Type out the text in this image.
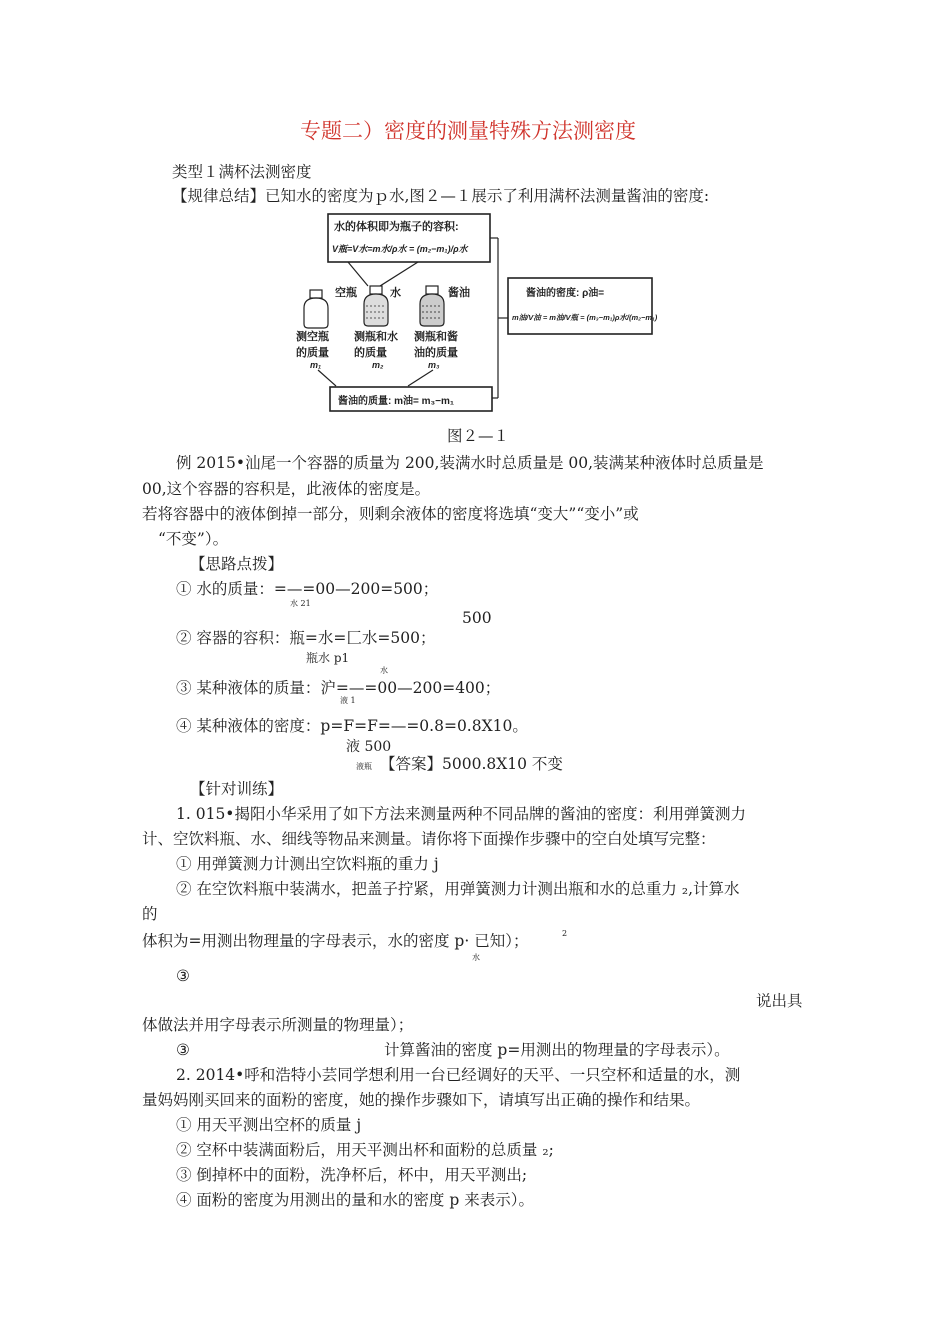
专题二）密度的测量特殊方法测密度
类型１满杯法测密度
【规律总结】已知水的密度为ｐ水,图２—１展示了利用满杯法测量酱油的密度:
水的体积即为瓶子的容积:
V瓶=V水=m水/ρ水 = (m₂−m₁)/ρ水
空瓶	水	酱油
测空瓶
的质量
m₁
测瓶和水
的质量
m₂
测瓶和酱
油的质量
m₃
酱油的质量: m油= m₃−m₁
酱油的密度: ρ油=
m油/V油 = m油/V瓶 = (m₃−m₁)ρ水/(m₂−m₁)
图２—１
例 2015•汕尾一个容器的质量为 200,装满水时总质量是 00,装满某种液体时总质量是
00,这个容器的容积是，此液体的密度是。
若将容器中的液体倒掉一部分，则剩余液体的密度将选填“变大”“变小”或
“不变”）。
【思路点拨】
① 水的质量：=—=00—200=500；
水 21
500
② 容器的容积：瓶=水=匚水=500；
瓶水 p1
水
③ 某种液体的质量：沪=—=00—200=400；
液 1
④ 某种液体的密度：p=F=F=—=0.8=0.8X10。
液 500
液瓶 【答案】5000.8X10 不变
【针对训练】
1. 015•揭阳小华采用了如下方法来测量两种不同品牌的酱油的密度：利用弹簧测力
计、空饮料瓶、水、细线等物品来测量。请你将下面操作步骤中的空白处填写完整：
① 用弹簧测力计测出空饮料瓶的重力 j
② 在空饮料瓶中装满水，把盖子拧紧，用弹簧测力计测出瓶和水的总重力 ₂,计算水
的
体积为=用测出物理量的字母表示，水的密度 p· 已知）；	2
水
③
说出具
体做法并用字母表示所测量的物理量）；
③	计算酱油的密度 p=用测出的物理量的字母表示）。
2. 2014•呼和浩特小芸同学想利用一台已经调好的天平、一只空杯和适量的水，测
量妈妈刚买回来的面粉的密度，她的操作步骤如下，请填写出正确的操作和结果。
① 用天平测出空杯的质量 j
② 空杯中装满面粉后，用天平测出杯和面粉的总质量 ₂;
③ 倒掉杯中的面粉，洗净杯后，杯中，用天平测出;
④ 面粉的密度为用测出的量和水的密度 p 来表示）。
